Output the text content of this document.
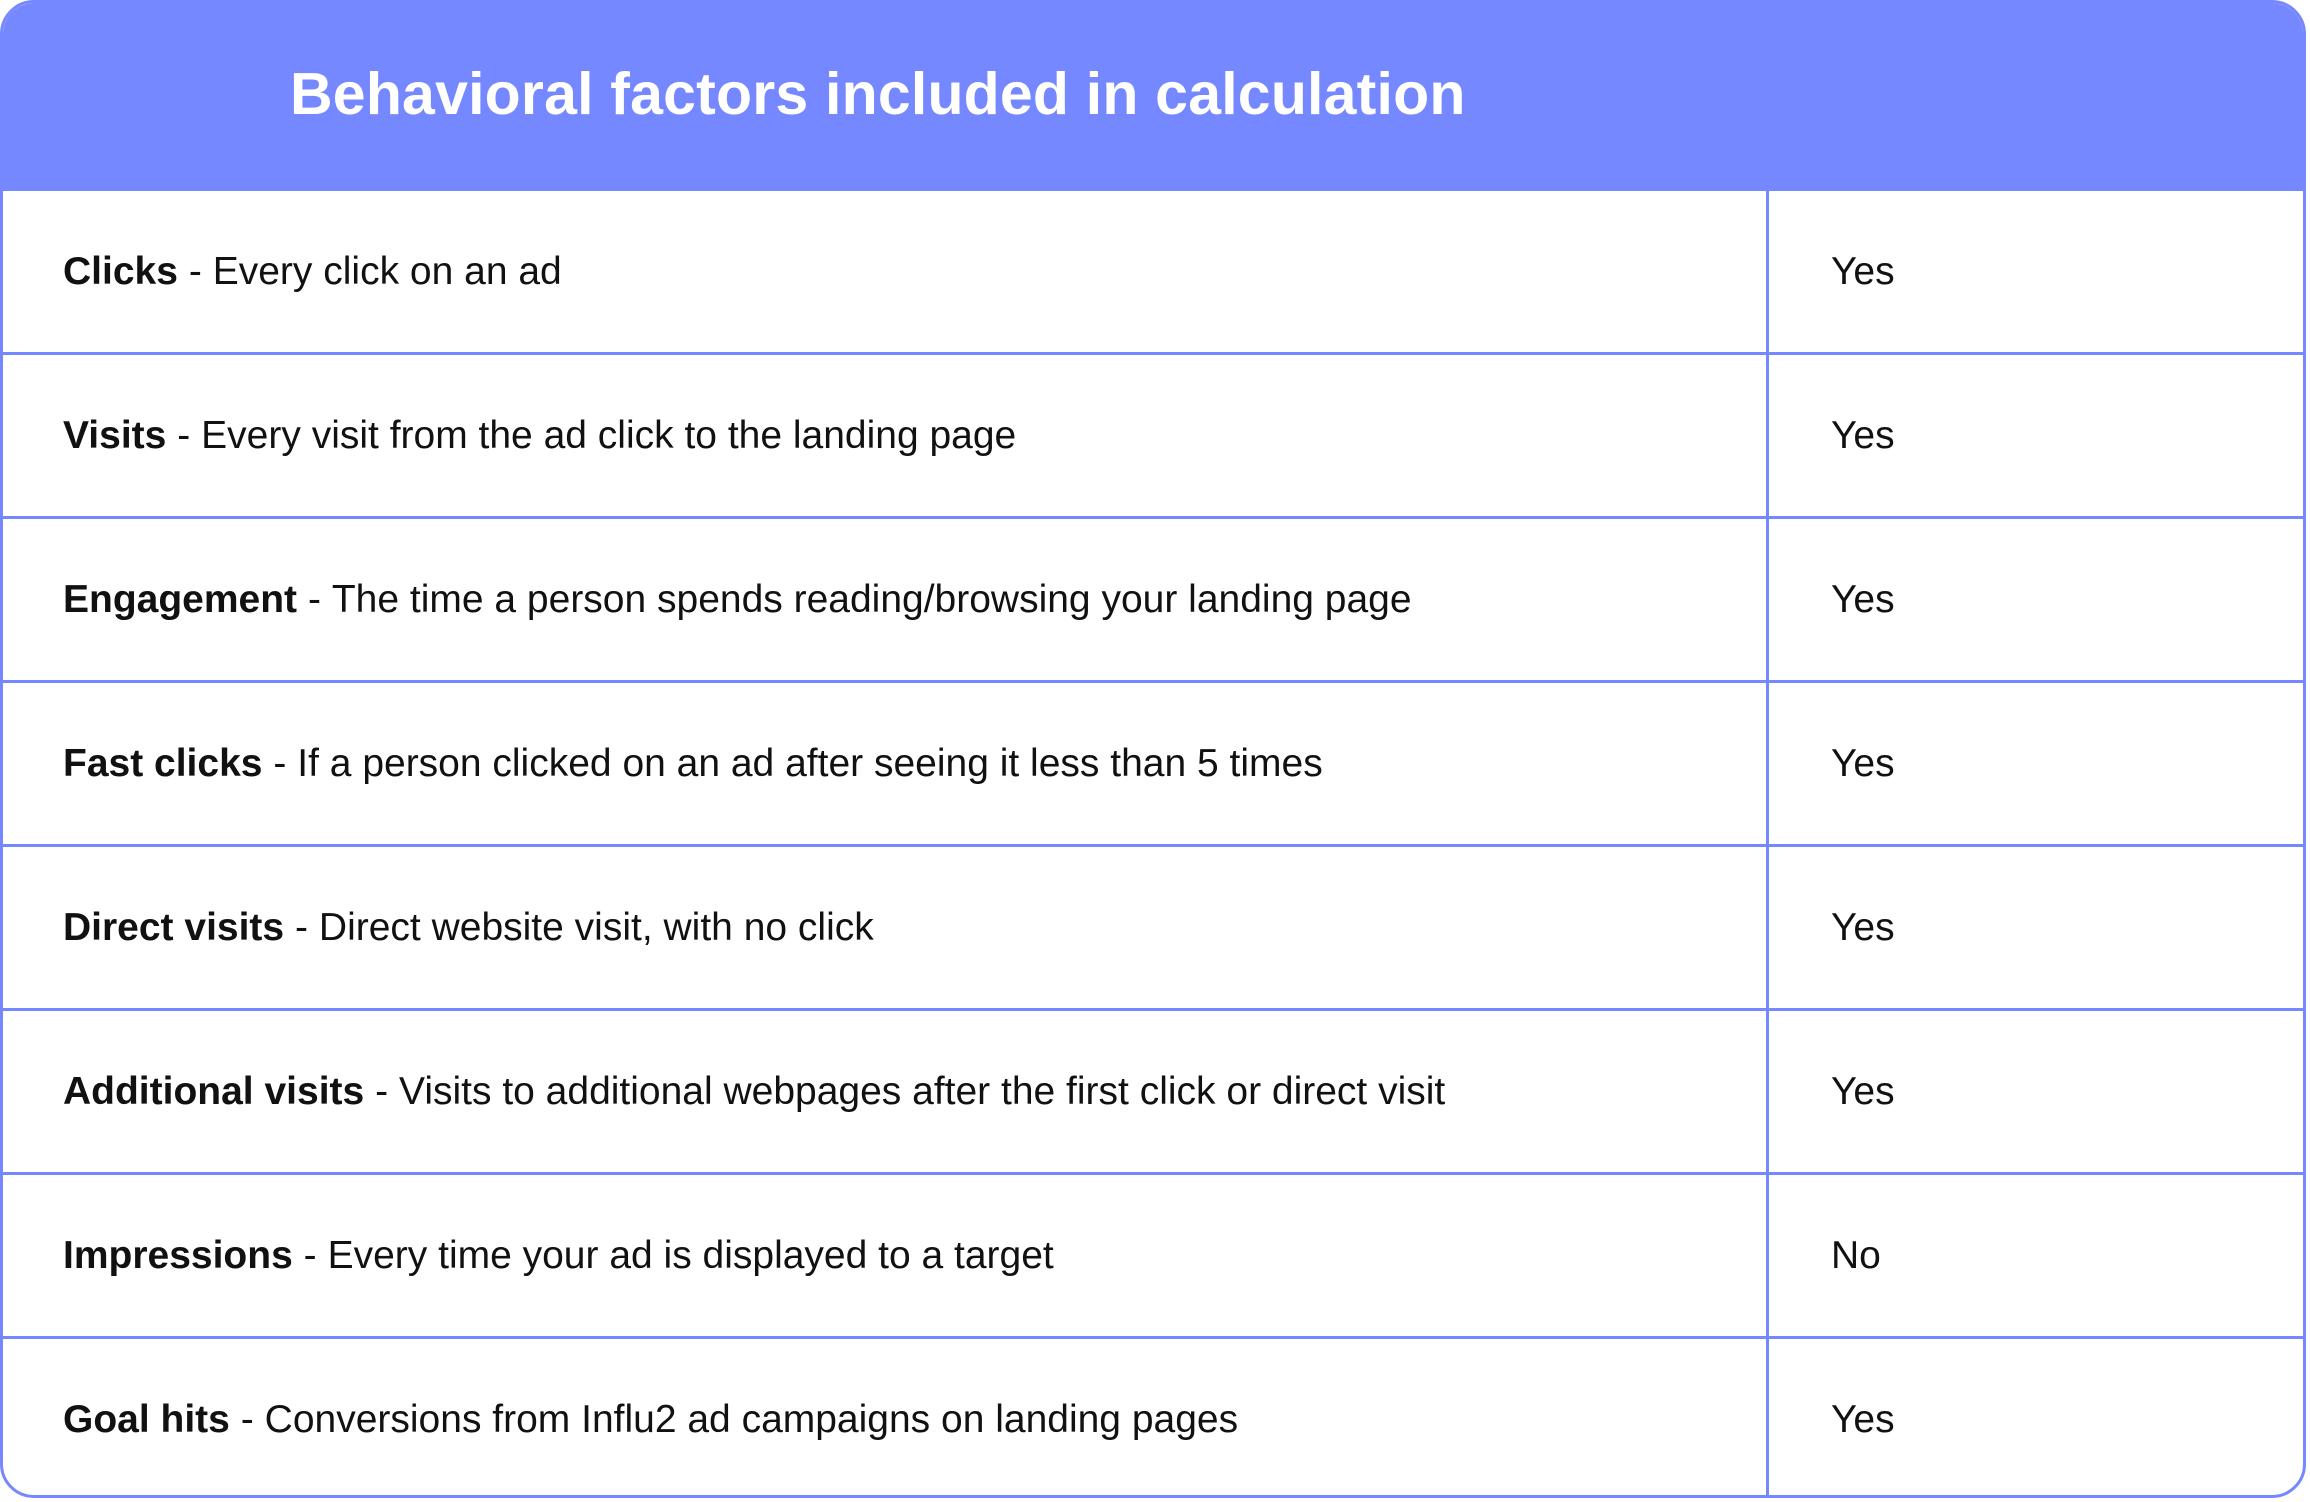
Behavioral factors included in calculation
Clicks - Every click on an ad	Yes
Visits - Every visit from the ad click to the landing page	Yes
Engagement - The time a person spends reading/browsing your landing page	Yes
Fast clicks - If a person clicked on an ad after seeing it less than 5 times	Yes
Direct visits - Direct website visit, with no click	Yes
Additional visits - Visits to additional webpages after the first click or direct visit	Yes
Impressions - Every time your ad is displayed to a target	No
Goal hits - Conversions from Influ2 ad campaigns on landing pages	Yes
